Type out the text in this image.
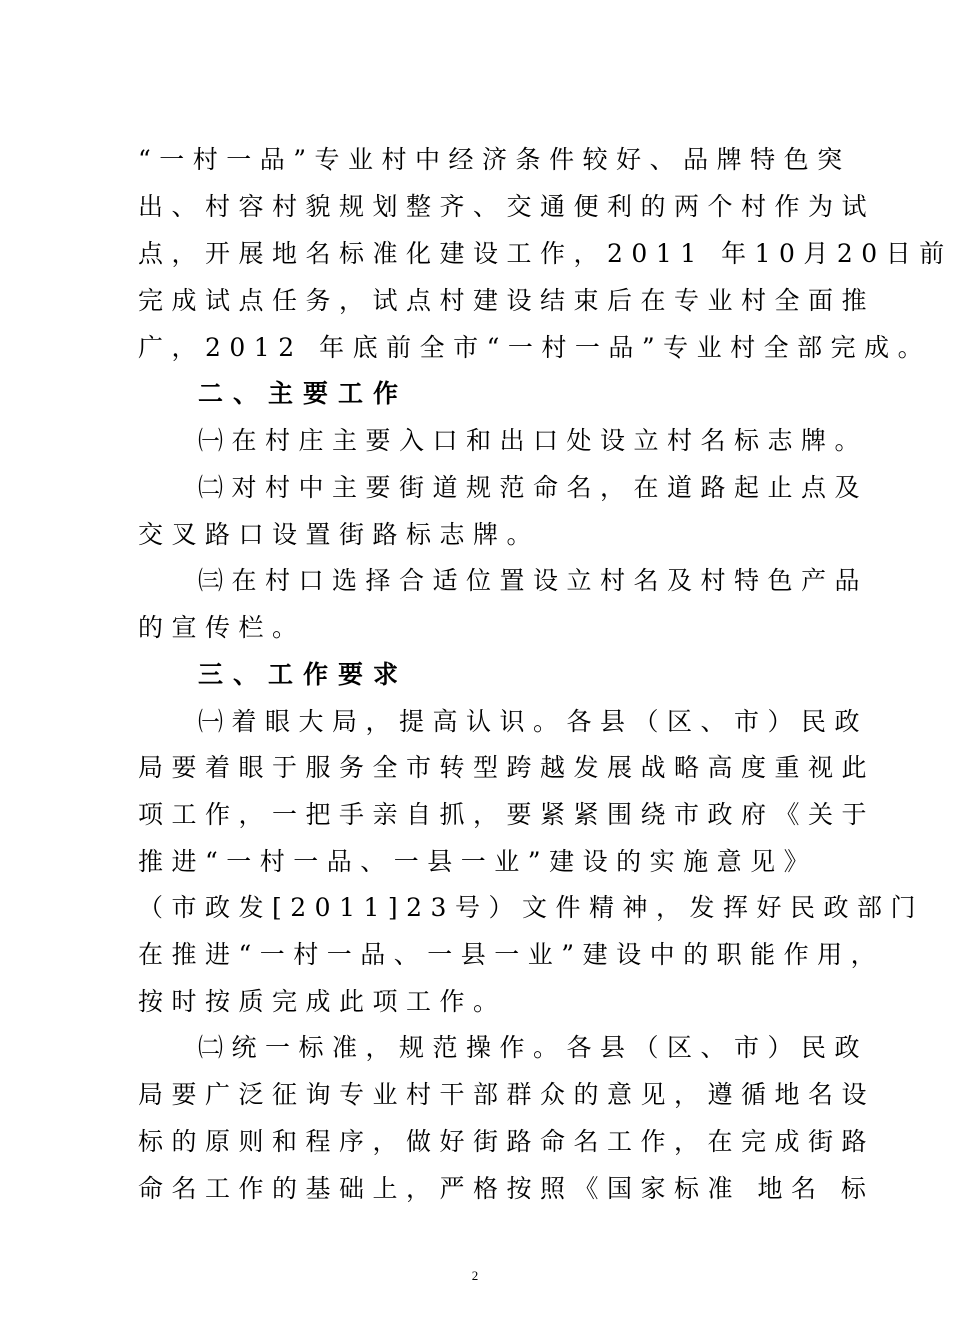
“一村一品”专业村中经济条件较好、品牌特色突
出、村容村貌规划整齐、交通便利的两个村作为试
点，开展地名标准化建设工作，2011 年10月20日前
完成试点任务，试点村建设结束后在专业村全面推
广，2012 年底前全市“一村一品”专业村全部完成。
二、主要工作
㈠在村庄主要入口和出口处设立村名标志牌。
㈡对村中主要街道规范命名，在道路起止点及
交叉路口设置街路标志牌。
㈢在村口选择合适位置设立村名及村特色产品
的宣传栏。
三、工作要求
㈠着眼大局，提高认识。各县（区、市）民政
局要着眼于服务全市转型跨越发展战略高度重视此
项工作，一把手亲自抓，要紧紧围绕市政府《关于
推进“一村一品、一县一业”建设的实施意见》
（市政发[2011]23号）文件精神，发挥好民政部门
在推进“一村一品、一县一业”建设中的职能作用，
按时按质完成此项工作。
㈡统一标准，规范操作。各县（区、市）民政
局要广泛征询专业村干部群众的意见，遵循地名设
标的原则和程序，做好街路命名工作，在完成街路
命名工作的基础上，严格按照《国家标准 地名 标
2
